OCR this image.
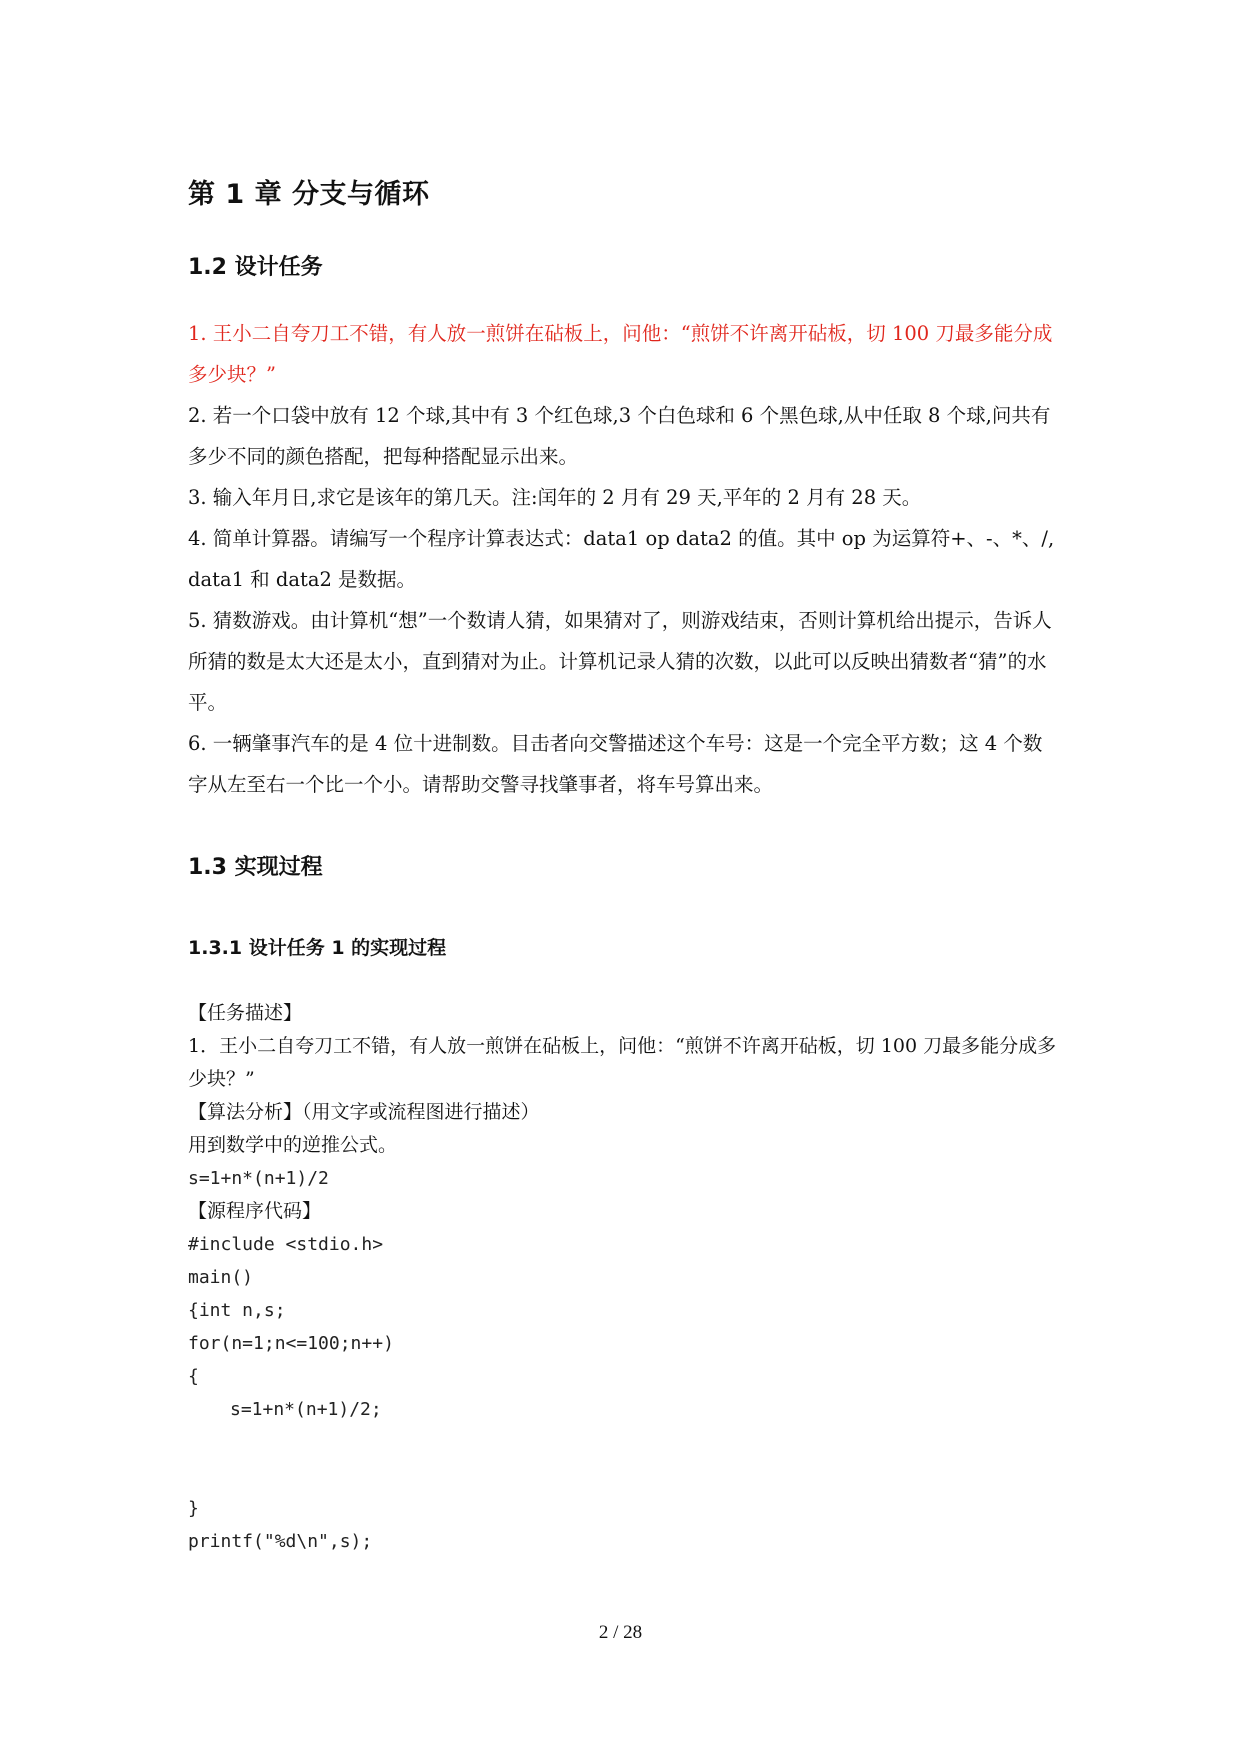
第 1 章 分支与循环
1.2 设计任务
1. 王小二自夸刀工不错，有人放一煎饼在砧板上，问他：“煎饼不许离开砧板，切 100 刀最多能分成多少块？”
2. 若一个口袋中放有 12 个球,其中有 3 个红色球,3 个白色球和 6 个黑色球,从中任取 8 个球,问共有多少不同的颜色搭配，把每种搭配显示出来。
3. 输入年月日,求它是该年的第几天。注:闰年的 2 月有 29 天,平年的 2 月有 28 天。
4. 简单计算器。请编写一个程序计算表达式：data1 op data2 的值。其中 op 为运算符+、-、*、/,data1 和 data2 是数据。
5. 猜数游戏。由计算机“想”一个数请人猜，如果猜对了，则游戏结束，否则计算机给出提示，告诉人所猜的数是太大还是太小，直到猜对为止。计算机记录人猜的次数，以此可以反映出猜数者“猜”的水平。
6. 一辆肇事汽车的是 4 位十进制数。目击者向交警描述这个车号：这是一个完全平方数；这 4 个数字从左至右一个比一个小。请帮助交警寻找肇事者，将车号算出来。
1.3 实现过程
1.3.1 设计任务 1 的实现过程
【任务描述】
1．王小二自夸刀工不错，有人放一煎饼在砧板上，问他：“煎饼不许离开砧板，切 100 刀最多能分成多少块？”
【算法分析】（用文字或流程图进行描述）
用到数学中的逆推公式。
s=1+n*(n+1)/2
【源程序代码】
#include <stdio.h>
main()
{int n,s;
for(n=1;n<=100;n++)
{
s=1+n*(n+1)/2;
}
printf("%d\n",s);
2 / 28
